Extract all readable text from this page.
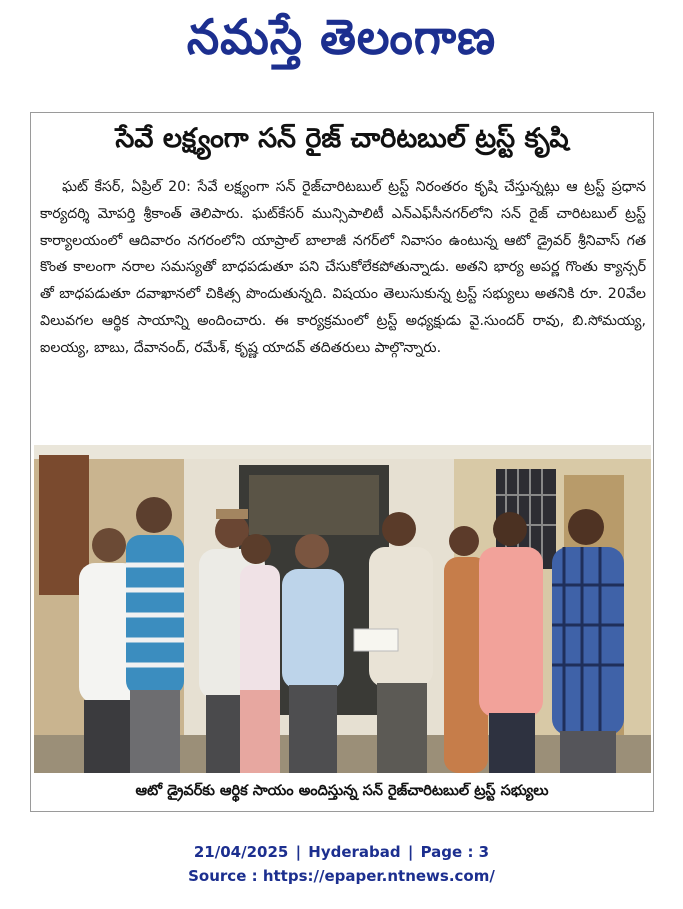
నమస్తే తెలంగాణ
సేవే లక్ష్యంగా సన్ రైజ్ చారిటబుల్ ట్రస్ట్ కృషి

ఘట్ కేసర్, ఏప్రిల్ 20: సేవే లక్ష్యంగా సన్ రైజ్‌చారిటబుల్ ట్రస్ట్ నిరంతరం కృషి చేస్తున్నట్లు ఆ ట్రస్ట్ ప్రధాన కార్యదర్శి మోపర్తి శ్రీకాంత్ తెలిపారు. ఘట్‌కేసర్ మున్సిపాలిటీ ఎన్ఎఫ్‌సీనగర్‌లోని సన్ రైజ్ చారిటబుల్ ట్రస్ట్ కార్యాలయంలో ఆదివారం నగరంలోని యాప్రాల్ బాలాజీ నగర్‌లో నివాసం ఉంటున్న ఆటో డ్రైవర్ శ్రీనివాస్ గత కొంత కాలంగా నరాల సమస్యతో బాధపడుతూ పని చేసుకోలేకపోతున్నాడు. అతని భార్య అపర్ణ గొంతు క్యాన్సర్ తో బాధపడుతూ దవాఖానలో చికిత్స పొందుతున్నది. విషయం తెలుసుకున్న ట్రస్ట్ సభ్యులు అతనికి రూ. 20వేల విలువగల ఆర్థిక సాయాన్ని అందించారు. ఈ కార్యక్రమంలో ట్రస్ట్ అధ్యక్షుడు వై.సుందర్ రావు, బి.సోమయ్య, ఐలయ్య, బాబు, దేవానంద్, రమేశ్, కృష్ణ యాదవ్ తదితరులు పాల్గొన్నారు.

ఆటో డ్రైవర్‌కు ఆర్థిక సాయం అందిస్తున్న సన్ రైజ్‌చారిటబుల్ ట్రస్ట్ సభ్యులు
21/04/2025 | Hyderabad | Page : 3
Source : https://epaper.ntnews.com/
